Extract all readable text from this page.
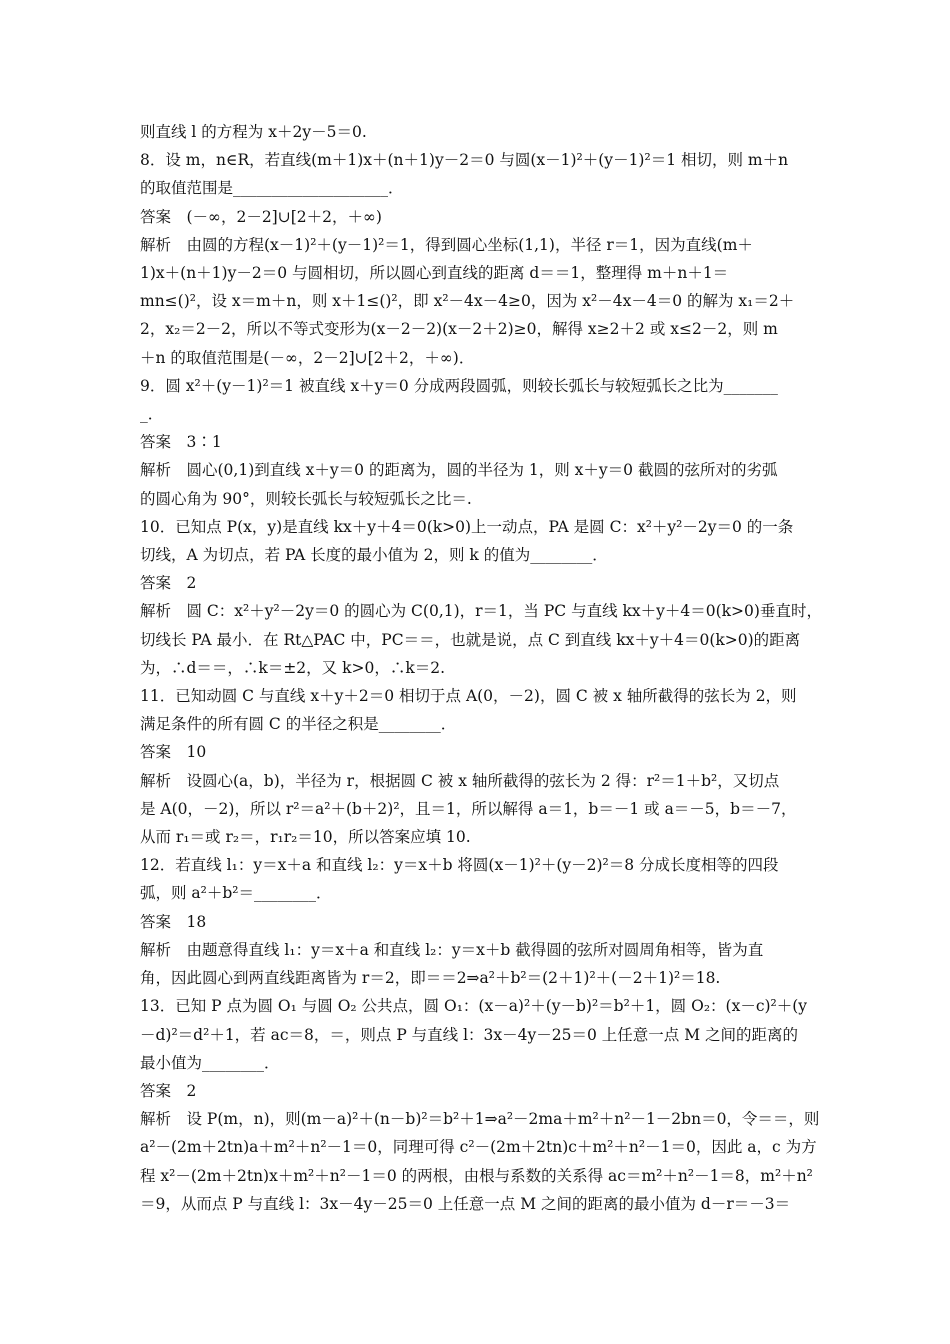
则直线 l 的方程为 x＋2y－5＝0.
8．设 m，n∈R，若直线(m＋1)x＋(n＋1)y－2＝0 与圆(x－1)²＋(y－1)²＝1 相切，则 m＋n
的取值范围是____________________．
答案　(－∞，2－2]∪[2＋2，＋∞)
解析　由圆的方程(x－1)²＋(y－1)²＝1，得到圆心坐标(1,1)，半径 r＝1，因为直线(m＋
1)x＋(n＋1)y－2＝0 与圆相切，所以圆心到直线的距离 d＝＝1，整理得 m＋n＋1＝
mn≤()²，设 x＝m＋n，则 x＋1≤()²，即 x²－4x－4≥0，因为 x²－4x－4＝0 的解为 x₁＝2＋
2，x₂＝2－2，所以不等式变形为(x－2－2)(x－2＋2)≥0，解得 x≥2＋2 或 x≤2－2，则 m
＋n 的取值范围是(－∞，2－2]∪[2＋2，＋∞)．
9．圆 x²＋(y－1)²＝1 被直线 x＋y＝0 分成两段圆弧，则较长弧长与较短弧长之比为_______
_．
答案　3∶1
解析　圆心(0,1)到直线 x＋y＝0 的距离为，圆的半径为 1，则 x＋y＝0 截圆的弦所对的劣弧
的圆心角为 90°，则较长弧长与较短弧长之比＝.
10．已知点 P(x，y)是直线 kx＋y＋4＝0(k>0)上一动点，PA 是圆 C：x²＋y²－2y＝0 的一条
切线，A 为切点，若 PA 长度的最小值为 2，则 k 的值为________．
答案　2
解析　圆 C：x²＋y²－2y＝0 的圆心为 C(0,1)，r＝1，当 PC 与直线 kx＋y＋4＝0(k>0)垂直时，
切线长 PA 最小．在 Rt△PAC 中，PC＝＝，也就是说，点 C 到直线 kx＋y＋4＝0(k>0)的距离
为，∴d＝＝，∴k＝±2，又 k>0，∴k＝2.
11．已知动圆 C 与直线 x＋y＋2＝0 相切于点 A(0，－2)，圆 C 被 x 轴所截得的弦长为 2，则
满足条件的所有圆 C 的半径之积是________．
答案　10
解析　设圆心(a，b)，半径为 r，根据圆 C 被 x 轴所截得的弦长为 2 得：r²＝1＋b²，又切点
是 A(0，－2)，所以 r²＝a²＋(b＋2)²，且＝1，所以解得 a＝1，b＝－1 或 a＝－5，b＝－7，
从而 r₁＝或 r₂＝，r₁r₂＝10，所以答案应填 10.
12．若直线 l₁：y＝x＋a 和直线 l₂：y＝x＋b 将圆(x－1)²＋(y－2)²＝8 分成长度相等的四段
弧，则 a²＋b²＝________．
答案　18
解析　由题意得直线 l₁：y＝x＋a 和直线 l₂：y＝x＋b 截得圆的弦所对圆周角相等，皆为直
角，因此圆心到两直线距离皆为 r＝2，即＝＝2⇒a²＋b²＝(2＋1)²＋(－2＋1)²＝18.
13．已知 P 点为圆 O₁ 与圆 O₂ 公共点，圆 O₁：(x－a)²＋(y－b)²＝b²＋1，圆 O₂：(x－c)²＋(y
－d)²＝d²＋1，若 ac＝8，＝，则点 P 与直线 l：3x－4y－25＝0 上任意一点 M 之间的距离的
最小值为________．
答案　2
解析　设 P(m，n)，则(m－a)²＋(n－b)²＝b²＋1⇒a²－2ma＋m²＋n²－1－2bn＝0，令＝＝，则
a²－(2m＋2tn)a＋m²＋n²－1＝0，同理可得 c²－(2m＋2tn)c＋m²＋n²－1＝0，因此 a，c 为方
程 x²－(2m＋2tn)x＋m²＋n²－1＝0 的两根，由根与系数的关系得 ac＝m²＋n²－1＝8，m²＋n²
＝9，从而点 P 与直线 l：3x－4y－25＝0 上任意一点 M 之间的距离的最小值为 d－r＝－3＝
